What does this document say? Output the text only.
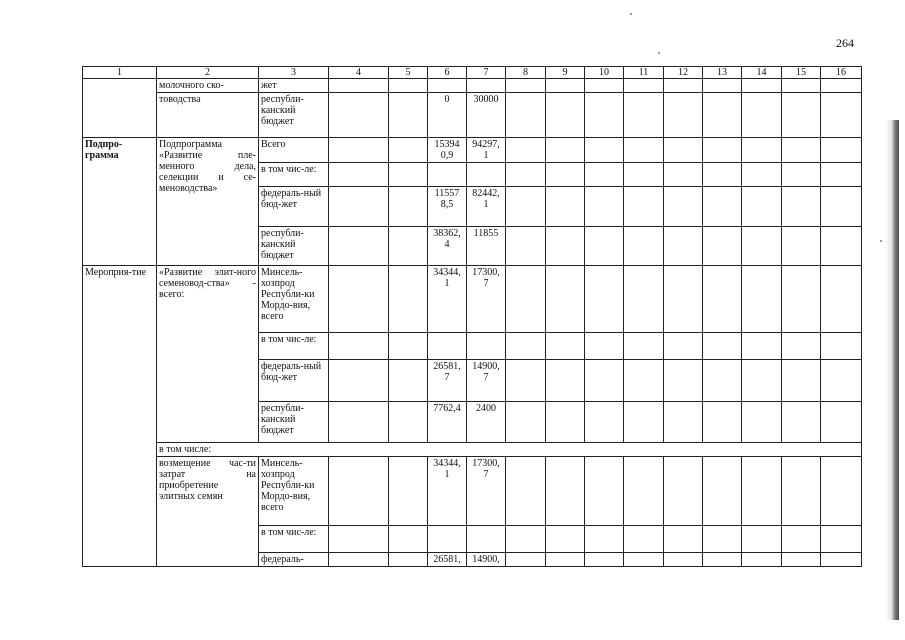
264
1	2	3	4	5	6	7	8	9	10	11	12	13	14	15	16
	молочного ско-	жет													
	товодства	республи-канский бюджет			0	30000									
Подпро-грамма	Подпрограмма «Развитие пле-менного дела, селекции и се-меноводства»	Всего			15394 0,9	94297, 1									
		в том чис-ле:													
		федераль-ный бюд-жет			11557 8,5	82442, 1									
		республи-канский бюджет			38362, 4	11855									
Мероприя-тие	«Развитие элит-ного семеновод-ства» - всего:	Минсель-хозпрод Республи-ки Мордо-вия, всего			34344, 1	17300, 7									
		в том чис-ле:													
		федераль-ный бюд-жет			26581, 7	14900, 7									
		республи-канский бюджет			7762,4	2400									
	в том числе:														
	возмещение час-ти затрат на приобретение элитных семян	Минсель-хозпрод Республи-ки Мордо-вия, всего			34344, 1	17300, 7									
		в том чис-ле:													
		федераль-			26581,	14900,									
